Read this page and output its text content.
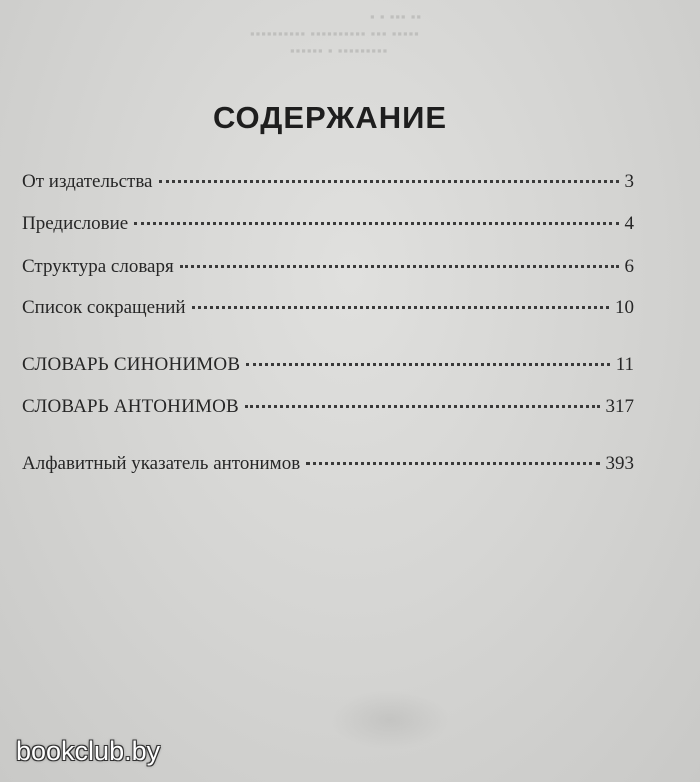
▪ ▪ ▪▪▪ ▪▪
▪▪▪▪▪▪▪▪▪▪ ▪▪▪▪▪▪▪▪▪▪ ▪▪▪ ▪▪▪▪▪
▪▪▪▪▪▪ ▪ ▪▪▪▪▪▪▪▪▪
СОДЕРЖАНИЕ
От издательства	3
Предисловие	4
Структура словаря	6
Список сокращений	10
СЛОВАРЬ СИНОНИМОВ	11
СЛОВАРЬ АНТОНИМОВ	317
Алфавитный указатель антонимов	393
bookclub.by
